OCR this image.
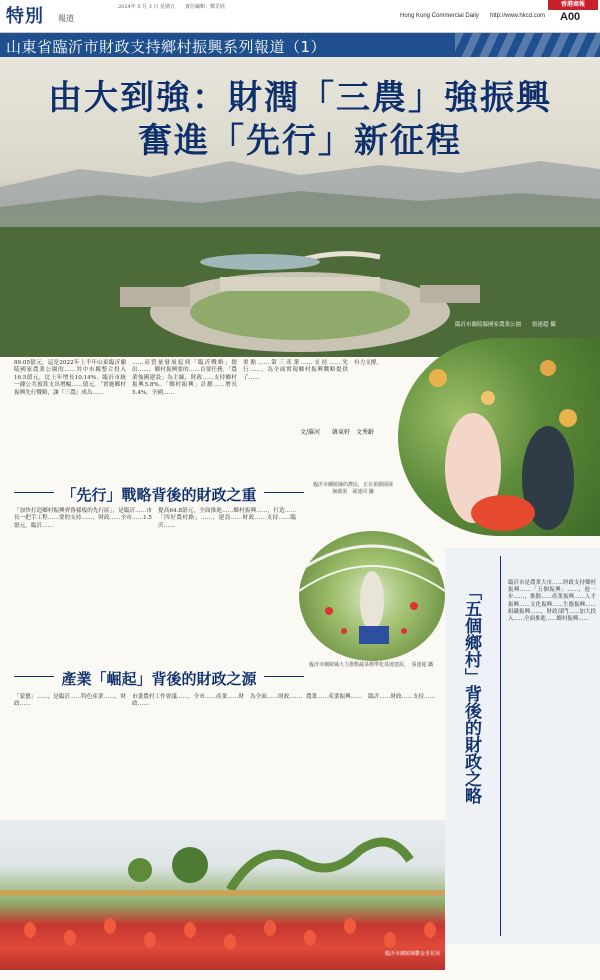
特別 報道
2024年 5 月 3 日 星期五　　責任編輯：鄭芷欣
Hong Kong Commercial Daily http://www.hkcd.com A00
香港商報
山東省臨沂市財政支持鄉村振興系列報道（1）
由大到強：財潤「三農」強振興
奮進「先行」新征程
臨沂市蘭陵縣國家農業公園　　張連超 攝
89.05億元，這是2022年上半年山東臨沂蘭陵國家農業公園的……其中市縣整合投入16.5億元，比上年增長10.14%。臨沂市統一據公共預算支出增幅……億元。「實施鄉村振興先行戰略，讓『三農』成為……
……高質量發展起到「臨沂戰略」提出……，鄉村振興要的……首要任務，「農業強國建設」為主線，財政……支持鄉村振興5.8%。「鄉村振興」計劃……增長5.4%，全國……
重點……第三產業……支持……先行……，為全面實現鄉村振興戰略提供了……
有力支撐。
文/羅河　　韓東軒　文秀齡
臨沂市蘭陵縣的農民，正在果樹園採摘蘋果　孫連同 攝
「先行」戰略背後的財政之重
「加快打造鄉村振興齊魯樣板的先行區」，是臨沂……市長一把手工程……要的支持……，財政……全市……1.5億元。臨沂……
提高64.8億元，全面推進……鄉村振興……，打造……「四好農村路」……，建設……財政……支持……臨沂……
臨沂市蘭陵縣大力推動蔬菜標準化基地建設，　張連超 攝	「五個鄉村」背後的財政之略	臨沂市是農業大市……財政支持鄉村振興……「五個振興」……，進一步……，推動……產業振興……人才振興……文化振興……生態振興……組織振興……，財政部門……加大投入……全面推進……鄉村振興……
產業「崛起」背後的財政之源
「蒙藝」……，是臨沂……特色產業……，財政……
市委農村工作會議……，全市……產業……財政……
為全面……財政……，農業……產業振興…… 臨沂……財政……支持……
臨沂市蘭陵縣鬱金香花海
